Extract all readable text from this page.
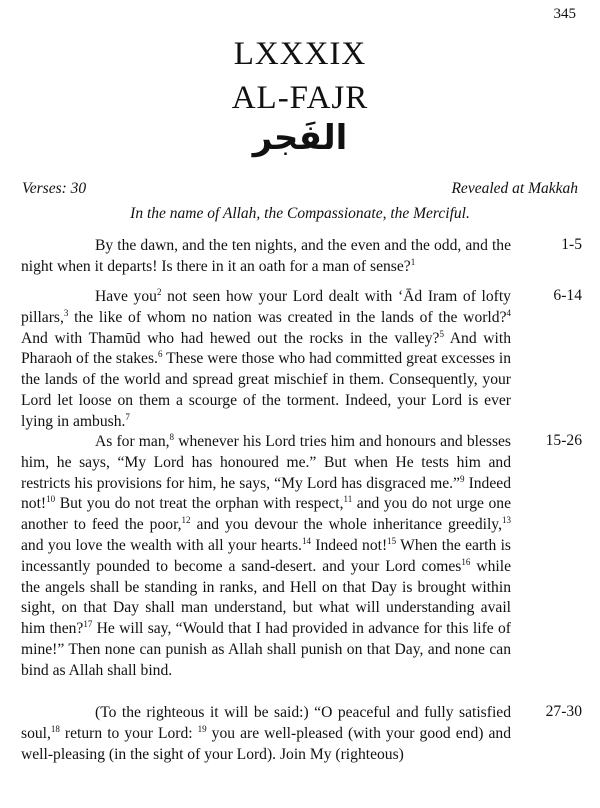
345
LXXXIX
AL-FAJR
الفَجر
Verses: 30	Revealed at Makkah
In the name of Allah, the Compassionate, the Merciful.

By the dawn, and the ten nights, and the even and the odd, and the night when it departs! Is there in it an oath for a man of sense?$^1$

1-5

Have you$^2$ not seen how your Lord dealt with ‘Ād Iram of lofty pillars,$^3$ the like of whom no nation was created in the lands of the world?$^4$ And with Thamūd who had hewed out the rocks in the valley?$^5$ And with Pharaoh of the stakes.$^6$ These were those who had committed great excesses in the lands of the world and spread great mischief in them. Consequently, your Lord let loose on them a scourge of the torment. Indeed, your Lord is ever lying in ambush.$^7$

6-14

As for man,$^8$ whenever his Lord tries him and honours and blesses him, he says, “My Lord has honoured me.” But when He tests him and restricts his provisions for him, he says, “My Lord has disgraced me.”$^9$ Indeed not!$^{10}$ But you do not treat the orphan with respect,$^{11}$ and you do not urge one another to feed the poor,$^{12}$ and you devour the whole inheritance greedily,$^{13}$ and you love the wealth with all your hearts.$^{14}$ Indeed not!$^{15}$ When the earth is incessantly pounded to become a sand-desert. and your Lord comes$^{16}$ while the angels shall be standing in ranks, and Hell on that Day is brought within sight, on that Day shall man understand, but what will understanding avail him then?$^{17}$ He will say, “Would that I had provided in advance for this life of mine!” Then none can punish as Allah shall punish on that Day, and none can bind as Allah shall bind.

15-26

(To the righteous it will be said:) “O peaceful and fully satisfied soul,$^{18}$ return to your Lord: $^{19}$ you are well-pleased (with your good end) and well-pleasing (in the sight of your Lord). Join My (righteous)

27-30
